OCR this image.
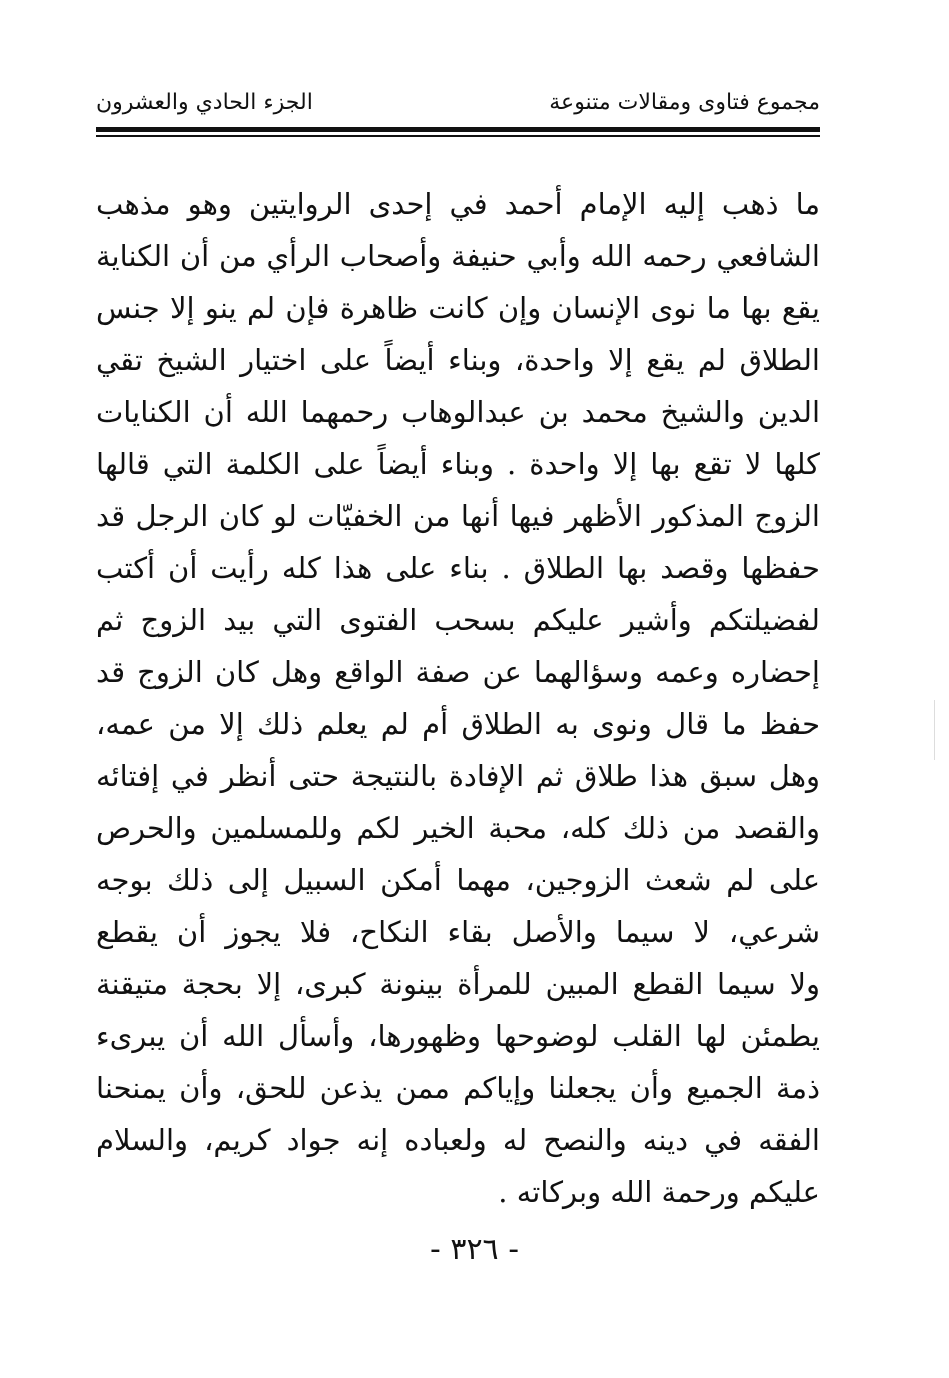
الجزء الحادي والعشرون	مجموع فتاوى ومقالات متنوعة
ما ذهب إليه الإمام أحمد في إحدى الروايتين وهو مذهب
الشافعي رحمه الله وأبي حنيفة وأصحاب الرأي من أن الكناية
يقع بها ما نوى الإنسان وإن كانت ظاهرة فإن لم ينو إلا جنس
الطلاق لم يقع إلا واحدة، وبناء أيضاً على اختيار الشيخ تقي
الدين والشيخ محمد بن عبدالوهاب رحمهما الله أن الكنايات
كلها لا تقع بها إلا واحدة . وبناء أيضاً على الكلمة التي قالها
الزوج المذكور الأظهر فيها أنها من الخفيّات لو كان الرجل قد
حفظها وقصد بها الطلاق . بناء على هذا كله رأيت أن أكتب
لفضيلتكم وأشير عليكم بسحب الفتوى التي بيد الزوج ثم
إحضاره وعمه وسؤالهما عن صفة الواقع وهل كان الزوج قد
حفظ ما قال ونوى به الطلاق أم لم يعلم ذلك إلا من عمه،
وهل سبق هذا طلاق ثم الإفادة بالنتيجة حتى أنظر في إفتائه
والقصد من ذلك كله، محبة الخير لكم وللمسلمين والحرص
على لم شعث الزوجين، مهما أمكن السبيل إلى ذلك بوجه
شرعي، لا سيما والأصل بقاء النكاح، فلا يجوز أن يقطع
ولا سيما القطع المبين للمرأة بينونة كبرى، إلا بحجة متيقنة
يطمئن لها القلب لوضوحها وظهورها، وأسأل الله أن يبرىء
ذمة الجميع وأن يجعلنا وإياكم ممن يذعن للحق، وأن يمنحنا
الفقه في دينه والنصح له ولعباده إنه جواد كريم، والسلام
عليكم ورحمة الله وبركاته .
- ٣٢٦ -
